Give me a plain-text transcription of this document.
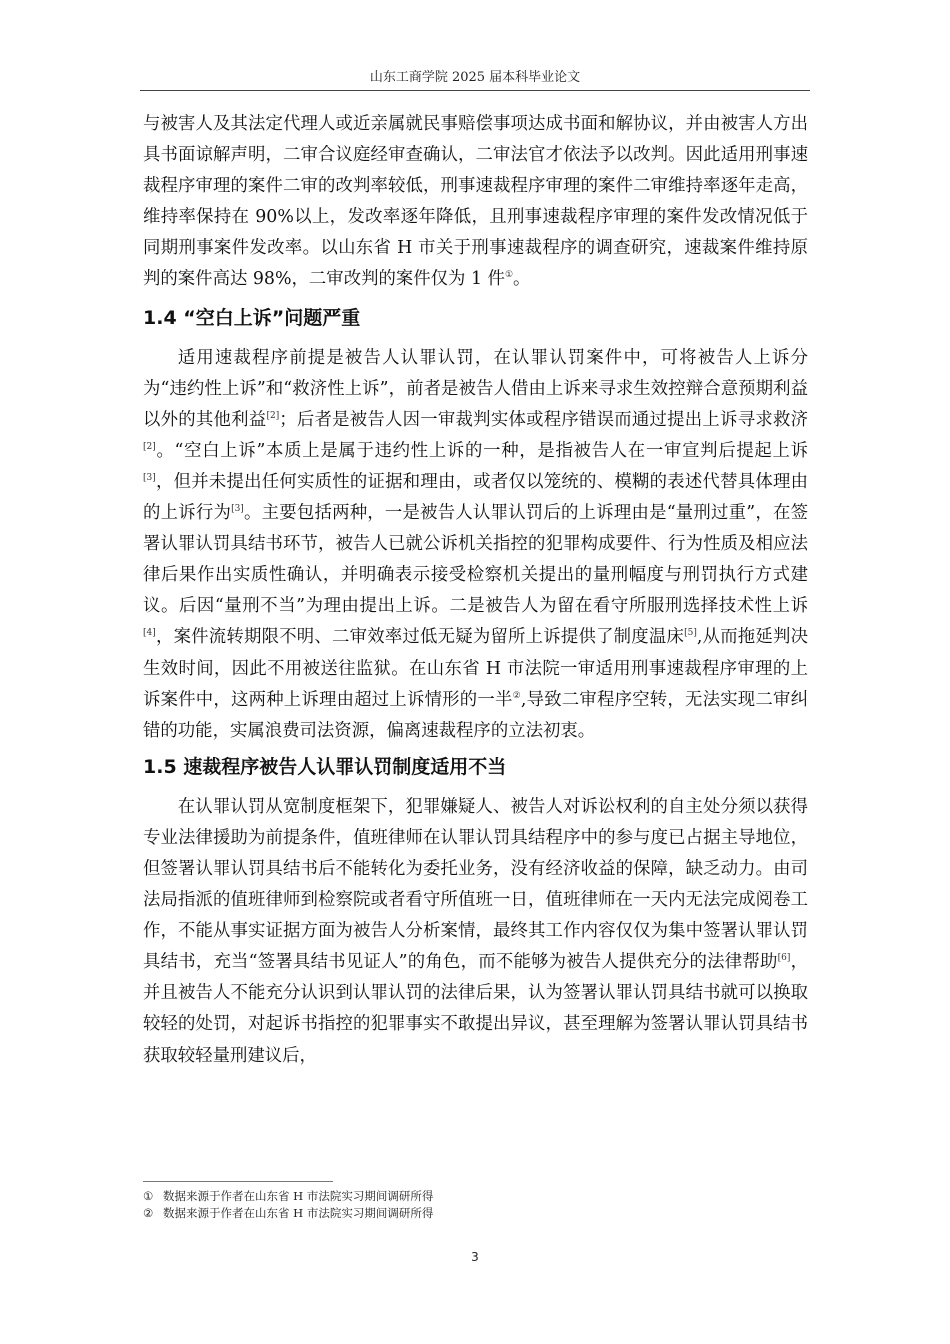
山东工商学院 2025 届本科毕业论文

与被害人及其法定代理人或近亲属就民事赔偿事项达成书面和解协议，并由被害人方出具书面谅解声明，二审合议庭经审查确认，二审法官才依法予以改判。因此适用刑事速裁程序审理的案件二审的改判率较低，刑事速裁程序审理的案件二审维持率逐年走高，维持率保持在 90%以上，发改率逐年降低，且刑事速裁程序审理的案件发改情况低于同期刑事案件发改率。以山东省 H 市关于刑事速裁程序的调查研究，速裁案件维持原判的案件高达 98%，二审改判的案件仅为 1 件①。

1.4 “空白上诉”问题严重

适用速裁程序前提是被告人认罪认罚，在认罪认罚案件中，可将被告人上诉分为“违约性上诉”和“救济性上诉”，前者是被告人借由上诉来寻求生效控辩合意预期利益以外的其他利益[2]；后者是被告人因一审裁判实体或程序错误而通过提出上诉寻求救济[2]。“空白上诉”本质上是属于违约性上诉的一种，是指被告人在一审宣判后提起上诉[3]，但并未提出任何实质性的证据和理由，或者仅以笼统的、模糊的表述代替具体理由的上诉行为[3]。主要包括两种，一是被告人认罪认罚后的上诉理由是“量刑过重”，在签署认罪认罚具结书环节，被告人已就公诉机关指控的犯罪构成要件、行为性质及相应法律后果作出实质性确认，并明确表示接受检察机关提出的量刑幅度与刑罚执行方式建议。后因“量刑不当”为理由提出上诉。二是被告人为留在看守所服刑选择技术性上诉[4]，案件流转期限不明、二审效率过低无疑为留所上诉提供了制度温床[5],从而拖延判决生效时间，因此不用被送往监狱。在山东省 H 市法院一审适用刑事速裁程序审理的上诉案件中，这两种上诉理由超过上诉情形的一半②,导致二审程序空转，无法实现二审纠错的功能，实属浪费司法资源，偏离速裁程序的立法初衷。

1.5 速裁程序被告人认罪认罚制度适用不当

在认罪认罚从宽制度框架下，犯罪嫌疑人、被告人对诉讼权利的自主处分须以获得专业法律援助为前提条件，值班律师在认罪认罚具结程序中的参与度已占据主导地位，但签署认罪认罚具结书后不能转化为委托业务，没有经济收益的保障，缺乏动力。由司法局指派的值班律师到检察院或者看守所值班一日，值班律师在一天内无法完成阅卷工作，不能从事实证据方面为被告人分析案情，最终其工作内容仅仅为集中签署认罪认罚具结书，充当“签署具结书见证人”的角色，而不能够为被告人提供充分的法律帮助[6]，并且被告人不能充分认识到认罪认罚的法律后果，认为签署认罪认罚具结书就可以换取较轻的处罚，对起诉书指控的犯罪事实不敢提出异议，甚至理解为签署认罪认罚具结书获取较轻量刑建议后，

① 数据来源于作者在山东省 H 市法院实习期间调研所得
② 数据来源于作者在山东省 H 市法院实习期间调研所得
3
